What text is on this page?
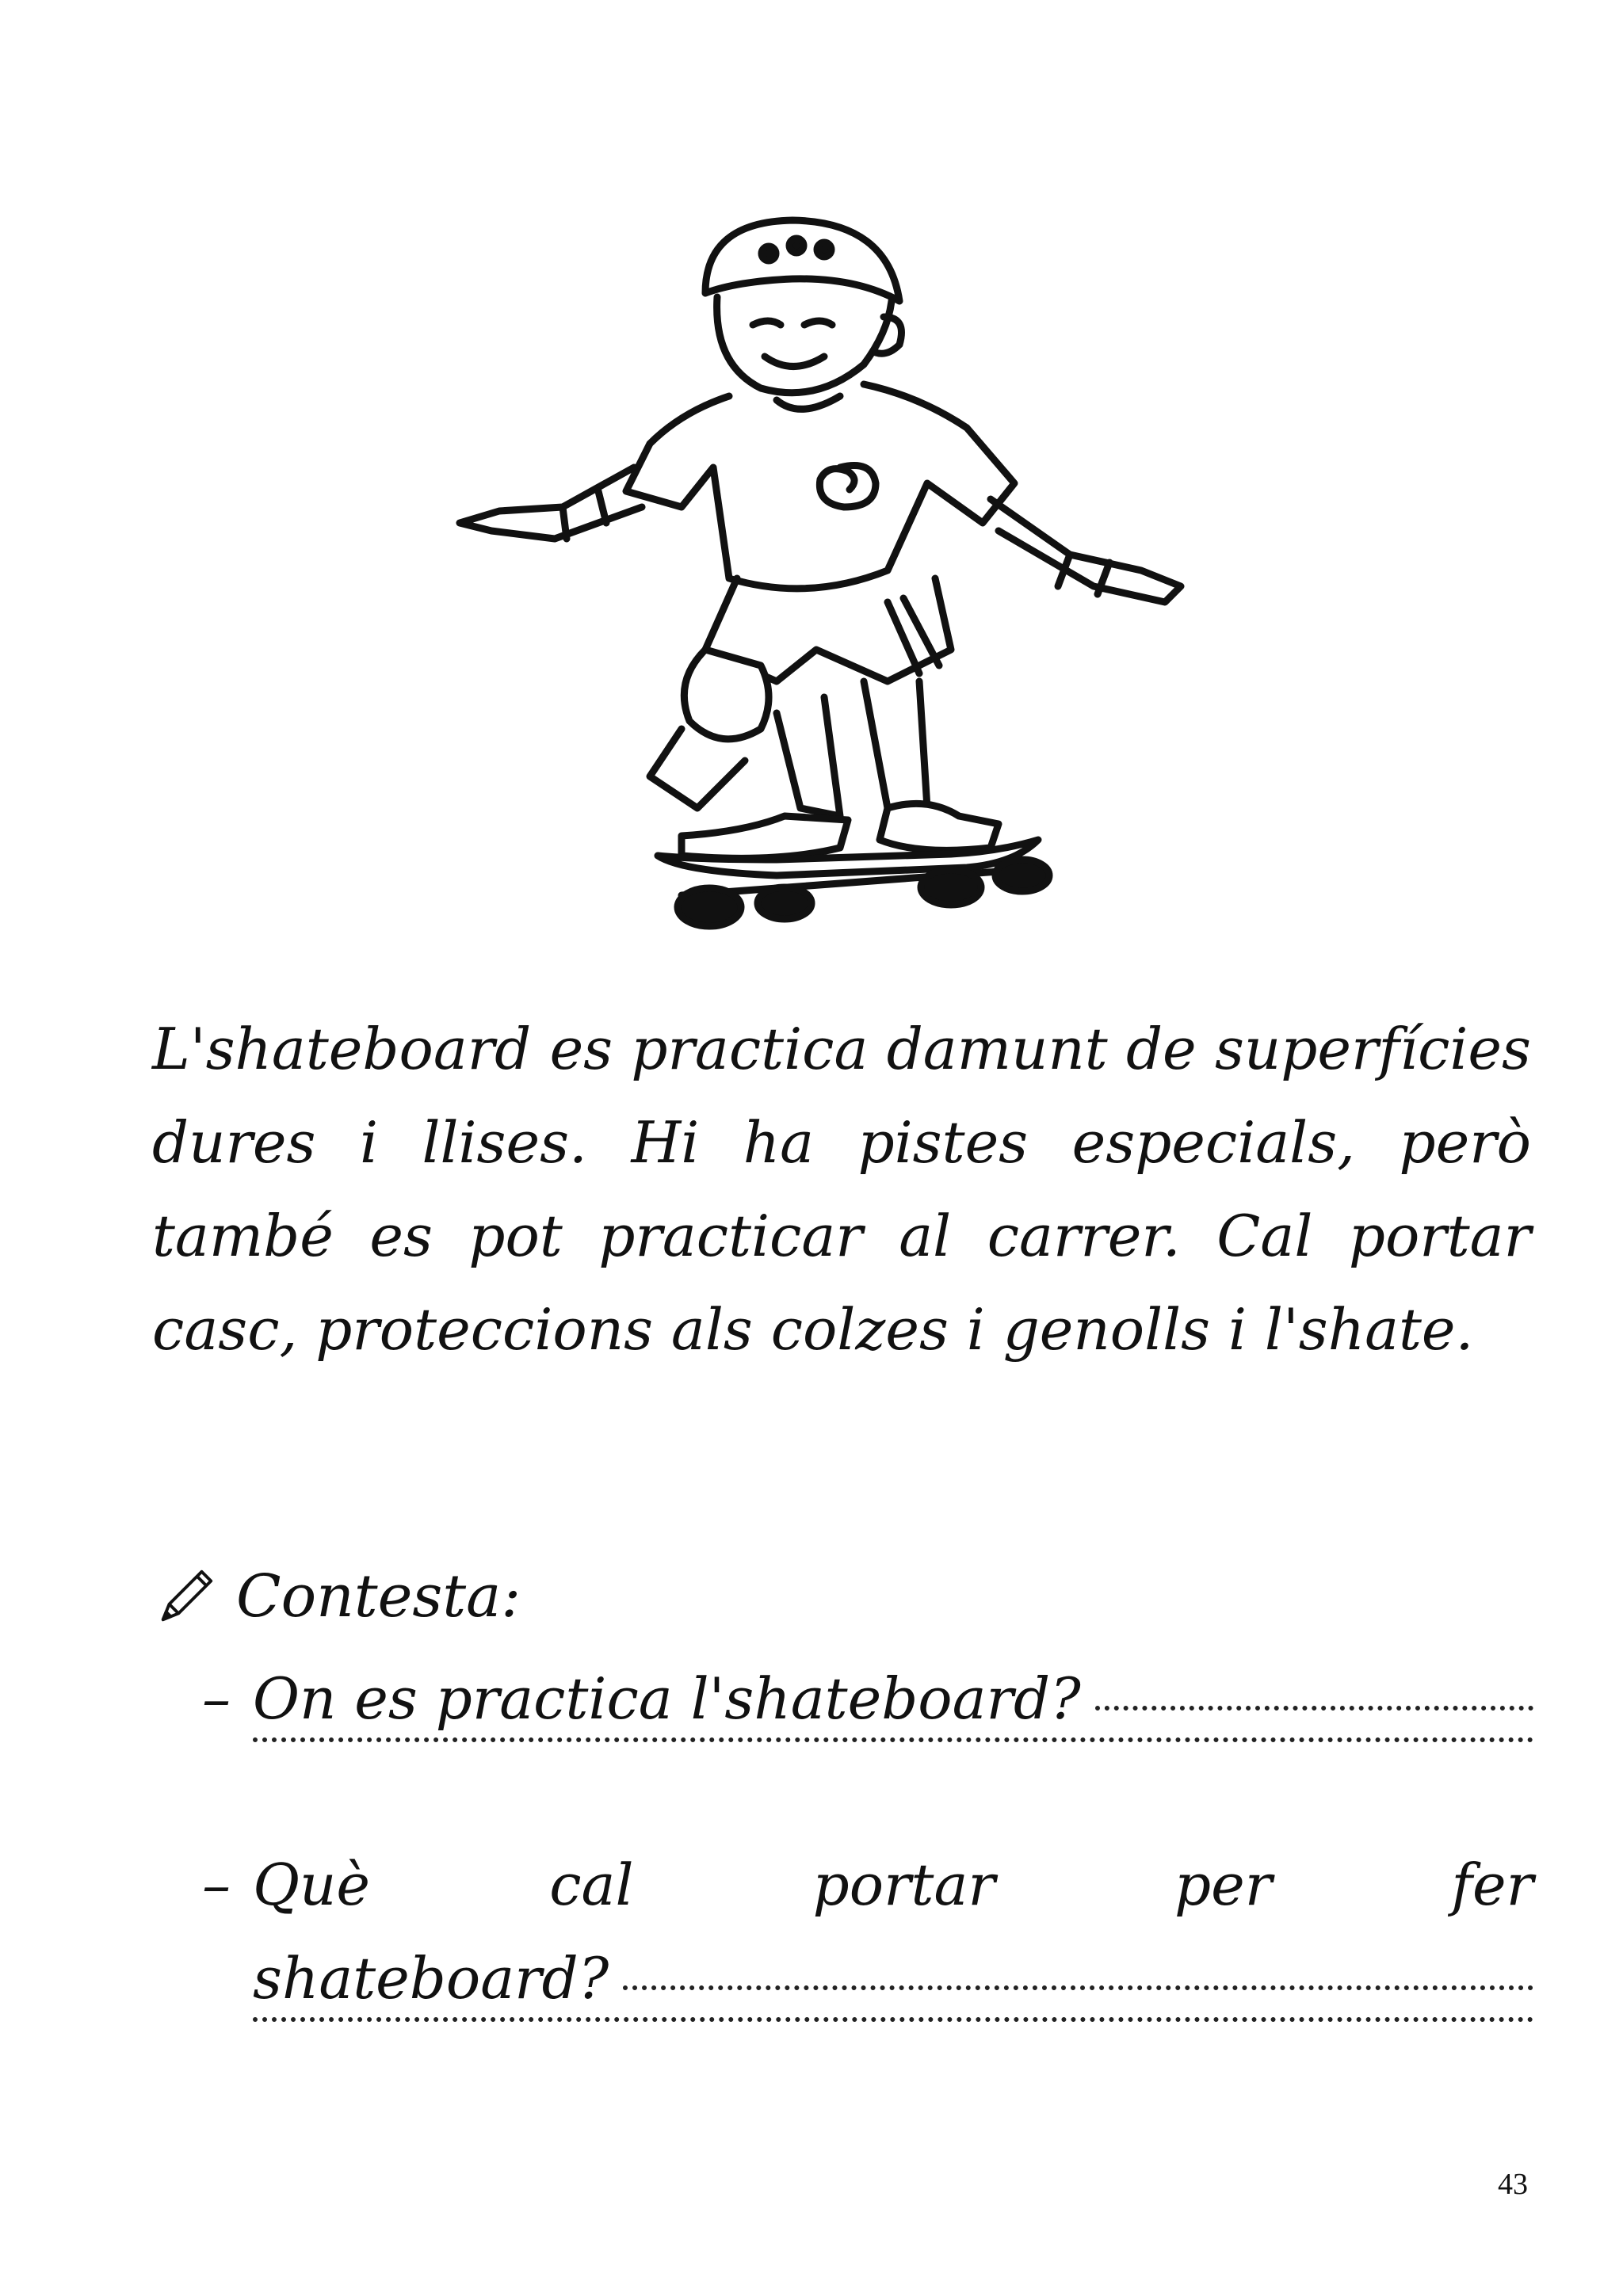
L'shateboard es practica damunt de superfícies dures i llises. Hi ha pistes especials, però també es pot practicar al carrer. Cal portar casc, proteccions als colzes i genolls i l'shate.

Contesta:
– On es practica l'shateboard?
– Què	cal	portar	per	fer
shateboard?
43
